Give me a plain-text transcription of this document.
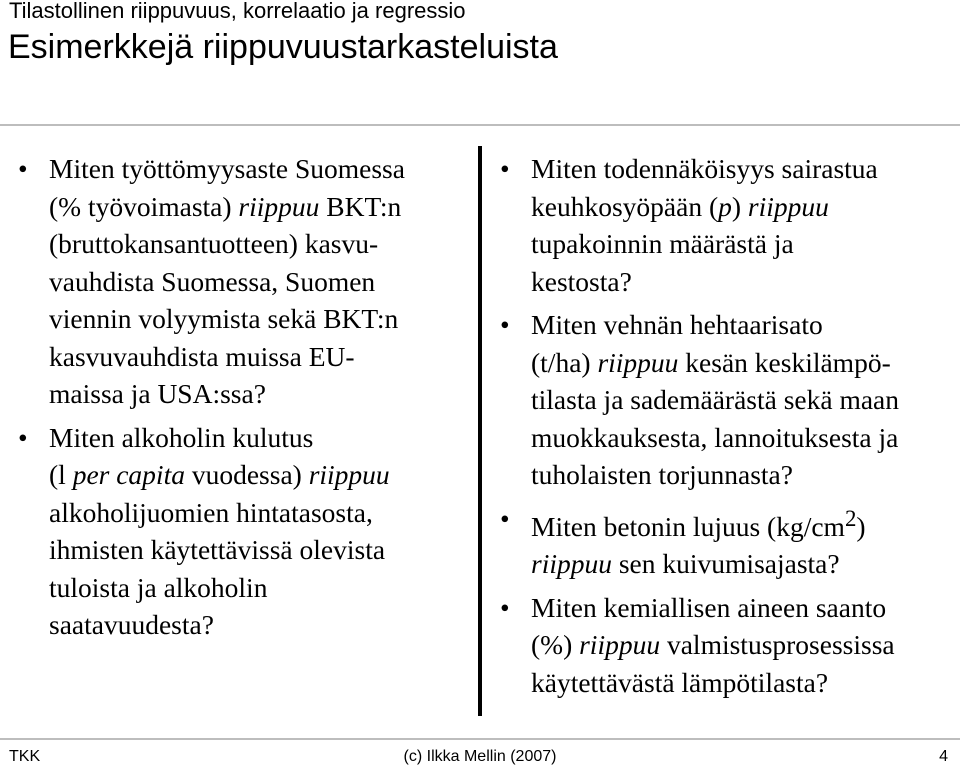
Tilastollinen riippuvuus, korrelaatio ja regressio
Esimerkkejä riippuvuustarkasteluista
• Miten työttömyysaste Suomessa
(% työvoimasta) riippuu BKT:n
(bruttokansantuotteen) kasvu-
vauhdista Suomessa, Suomen
viennin volyymista sekä BKT:n
kasvuvauhdista muissa EU-
maissa ja USA:ssa?
• Miten alkoholin kulutus
(l per capita vuodessa) riippuu
alkoholijuomien hintatasosta,
ihmisten käytettävissä olevista
tuloista ja alkoholin
saatavuudesta?
• Miten todennäköisyys sairastua
keuhkosyöpään (p) riippuu
tupakoinnin määrästä ja
kestosta?
• Miten vehnän hehtaarisato
(t/ha) riippuu kesän keskilämpö-
tilasta ja sademäärästä sekä maan
muokkauksesta, lannoituksesta ja
tuholaisten torjunnasta?
• Miten betonin lujuus $(kg/cm^2)$
riippuu sen kuivumisajasta?
• Miten kemiallisen aineen saanto
(%) riippuu valmistusprosessissa
käytettävästä lämpötilasta?
TKK	(c) Ilkka Mellin (2007)	4
